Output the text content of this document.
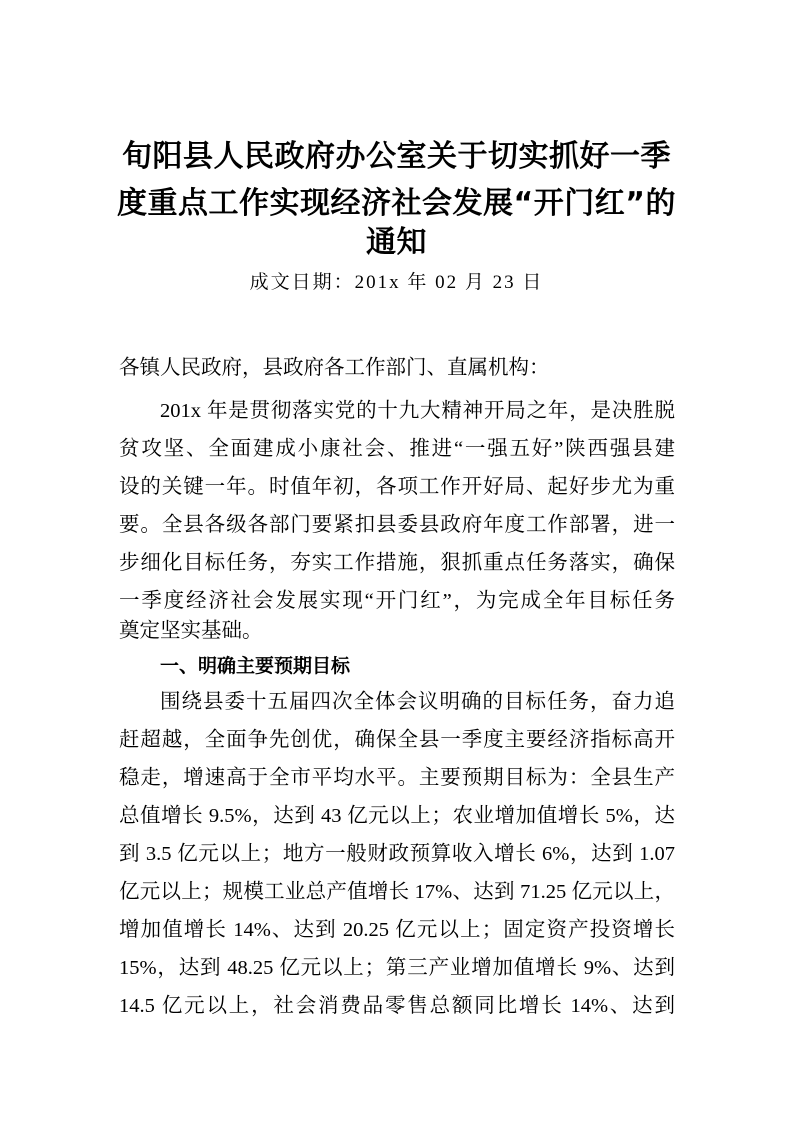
旬阳县人民政府办公室关于切实抓好一季
度重点工作实现经济社会发展“开门红”的
通知
成文日期：201x 年 02 月 23 日
各镇人民政府，县政府各工作部门、直属机构：
201x 年是贯彻落实党的十九大精神开局之年，是决胜脱
贫攻坚、全面建成小康社会、推进“一强五好”陕西强县建
设的关键一年。时值年初，各项工作开好局、起好步尤为重
要。全县各级各部门要紧扣县委县政府年度工作部署，进一
步细化目标任务，夯实工作措施，狠抓重点任务落实，确保
一季度经济社会发展实现“开门红”，为完成全年目标任务
奠定坚实基础。
一、明确主要预期目标
围绕县委十五届四次全体会议明确的目标任务，奋力追
赶超越，全面争先创优，确保全县一季度主要经济指标高开
稳走，增速高于全市平均水平。主要预期目标为：全县生产
总值增长 9.5%，达到 43 亿元以上；农业增加值增长 5%，达
到 3.5 亿元以上；地方一般财政预算收入增长 6%，达到 1.07
亿元以上；规模工业总产值增长 17%、达到 71.25 亿元以上，
增加值增长 14%、达到 20.25 亿元以上；固定资产投资增长
15%，达到 48.25 亿元以上；第三产业增加值增长 9%、达到
14.5 亿元以上，社会消费品零售总额同比增长 14%、达到
